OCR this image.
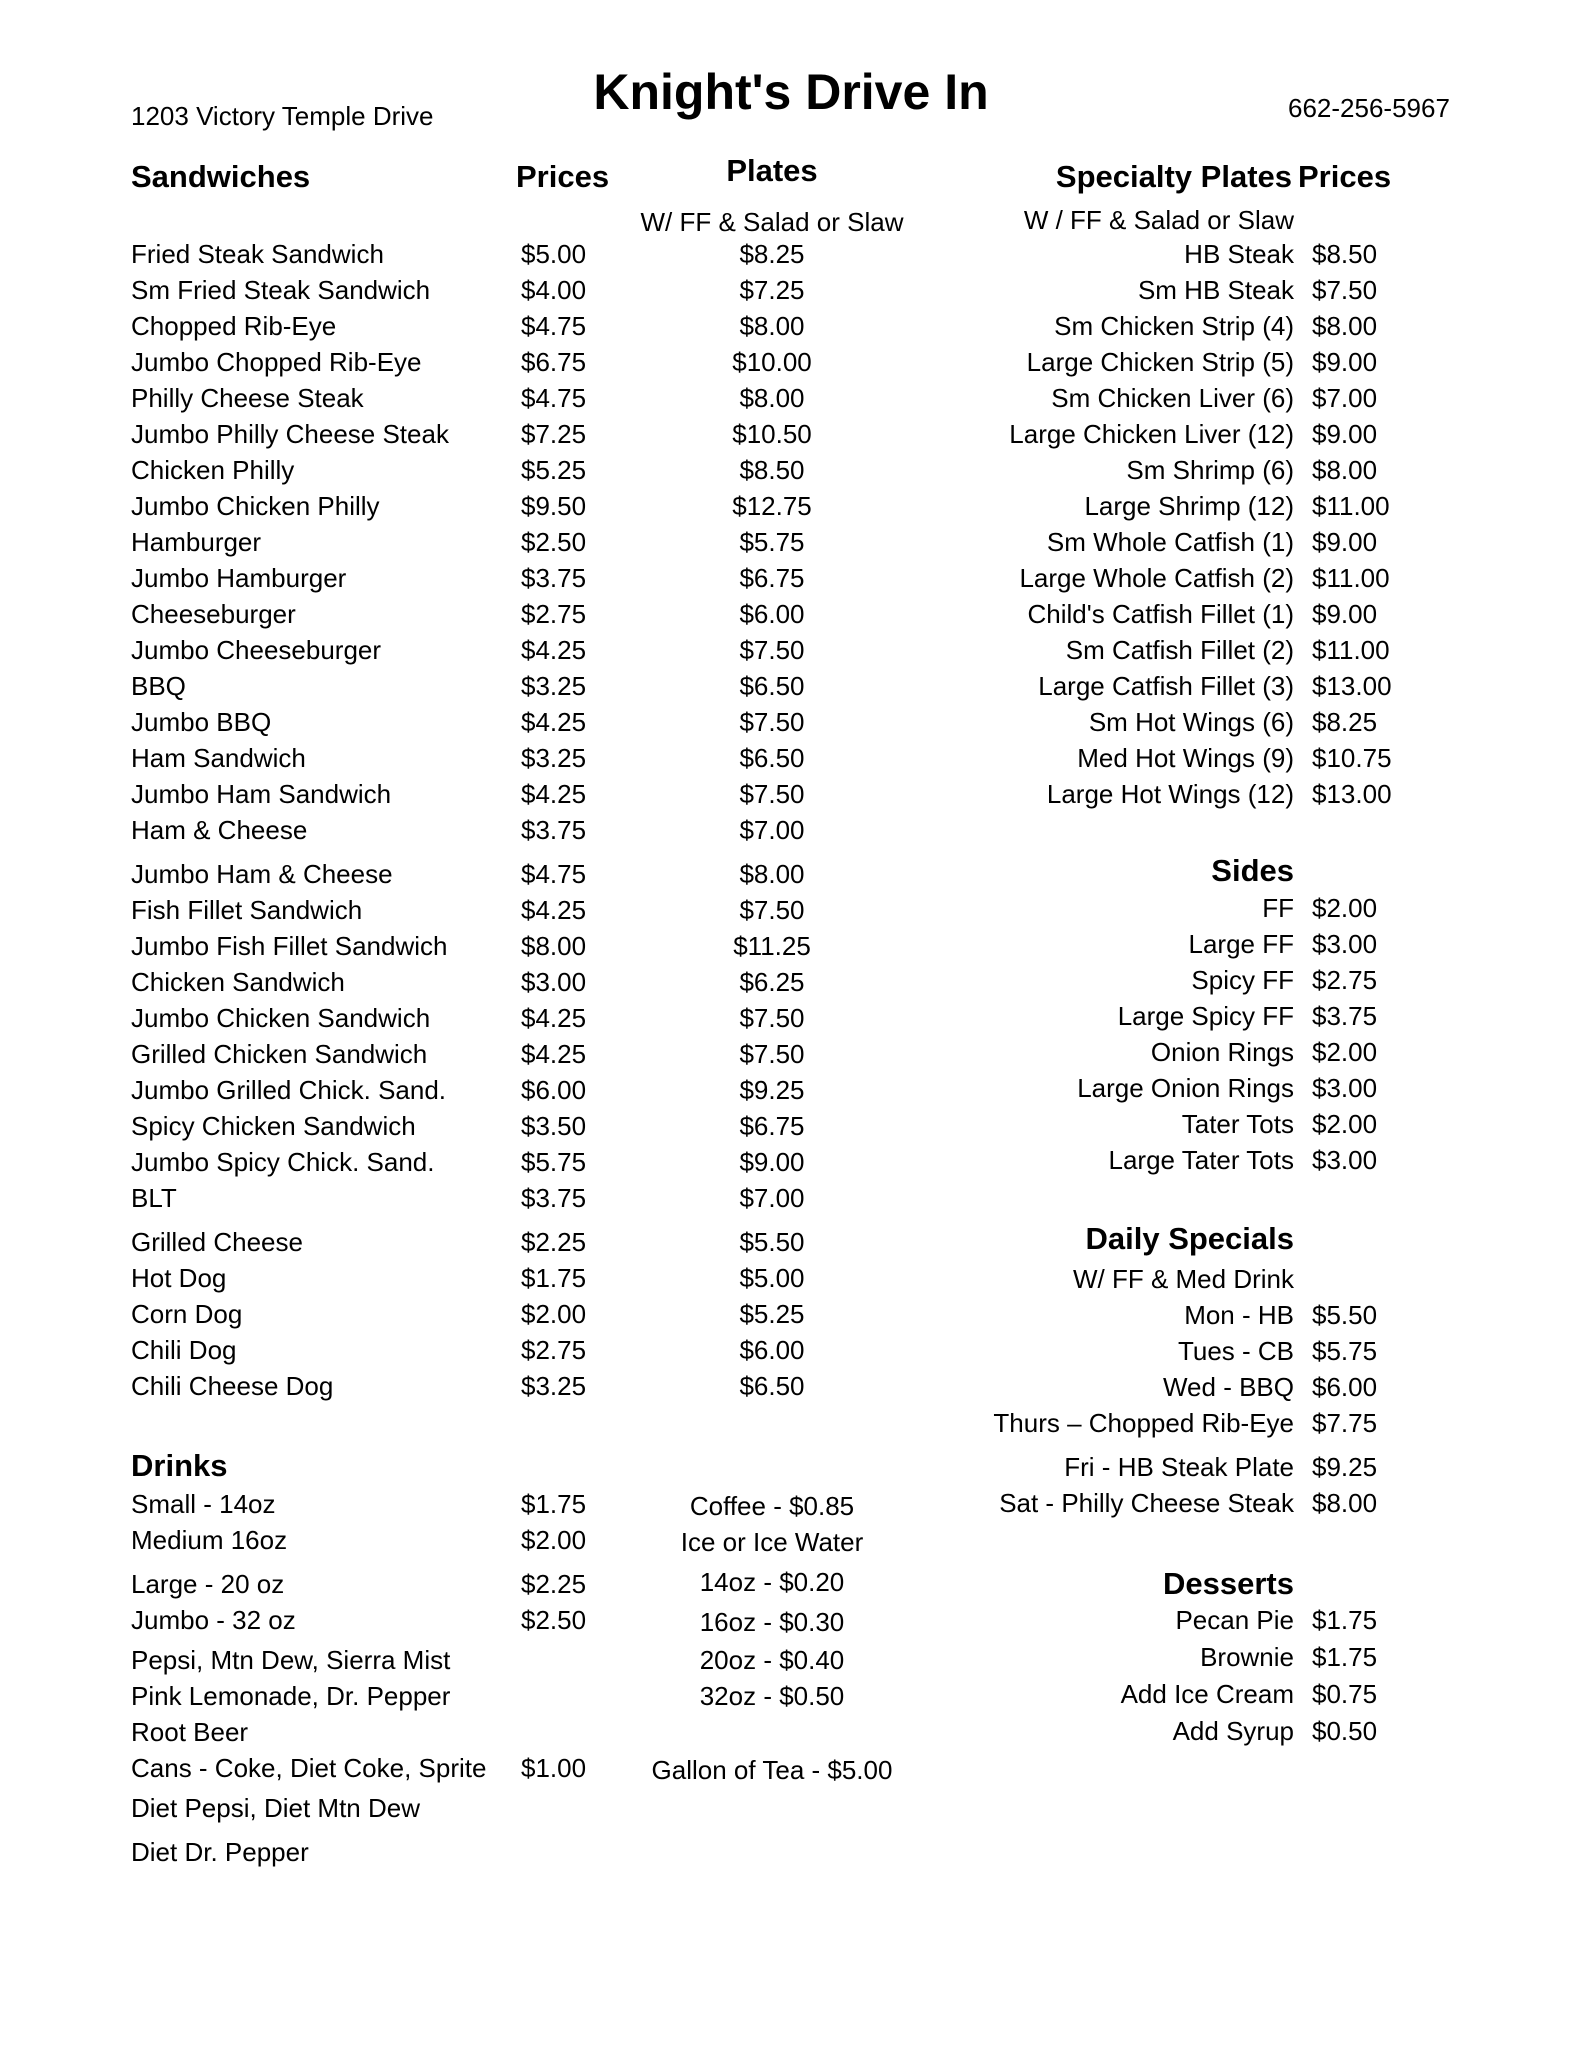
1203 Victory Temple Drive	Knight's Drive In	662-256-5967
Sandwiches	Prices	Plates
W/ FF & Salad or Slaw
Specialty Plates Prices
W / FF & Salad or Slaw
Fried Steak Sandwich	$5.00	$8.25
Sm Fried Steak Sandwich	$4.00	$7.25
Chopped Rib-Eye	$4.75	$8.00
Jumbo Chopped Rib-Eye	$6.75	$10.00
Philly Cheese Steak	$4.75	$8.00
Jumbo Philly Cheese Steak	$7.25	$10.50
Chicken Philly	$5.25	$8.50
Jumbo Chicken Philly	$9.50	$12.75
Hamburger	$2.50	$5.75
Jumbo Hamburger	$3.75	$6.75
Cheeseburger	$2.75	$6.00
Jumbo Cheeseburger	$4.25	$7.50
BBQ	$3.25	$6.50
Jumbo BBQ	$4.25	$7.50
Ham Sandwich	$3.25	$6.50
Jumbo Ham Sandwich	$4.25	$7.50
Ham & Cheese	$3.75	$7.00
Jumbo Ham & Cheese	$4.75	$8.00
Fish Fillet Sandwich	$4.25	$7.50
Jumbo Fish Fillet Sandwich	$8.00	$11.25
Chicken Sandwich	$3.00	$6.25
Jumbo Chicken Sandwich	$4.25	$7.50
Grilled Chicken Sandwich	$4.25	$7.50
Jumbo Grilled Chick. Sand.	$6.00	$9.25
Spicy Chicken Sandwich	$3.50	$6.75
Jumbo Spicy Chick. Sand.	$5.75	$9.00
BLT	$3.75	$7.00
Grilled Cheese	$2.25	$5.50
Hot Dog	$1.75	$5.00
Corn Dog	$2.00	$5.25
Chili Dog	$2.75	$6.00
Chili Cheese Dog	$3.25	$6.50
Drinks
Small - 14oz	$1.75
Medium 16oz	$2.00
Large - 20 oz	$2.25
Jumbo - 32 oz	$2.50
Pepsi, Mtn Dew, Sierra Mist
Pink Lemonade, Dr. Pepper
Root Beer
Cans - Coke, Diet Coke, Sprite $1.00
Diet Pepsi, Diet Mtn Dew
Diet Dr. Pepper
Coffee - $0.85
Ice or Ice Water
14oz - $0.20
16oz - $0.30
20oz - $0.40
32oz - $0.50
Gallon of Tea - $5.00
HB Steak $8.50
Sm HB Steak $7.50
Sm Chicken Strip (4) $8.00
Large Chicken Strip (5) $9.00
Sm Chicken Liver (6) $7.00
Large Chicken Liver (12) $9.00
Sm Shrimp (6) $8.00
Large Shrimp (12) $11.00
Sm Whole Catfish (1) $9.00
Large Whole Catfish (2) $11.00
Child's Catfish Fillet (1) $9.00
Sm Catfish Fillet (2) $11.00
Large Catfish Fillet (3) $13.00
Sm Hot Wings (6) $8.25
Med Hot Wings (9) $10.75
Large Hot Wings (12) $13.00
Sides
FF $2.00
Large FF $3.00
Spicy FF $2.75
Large Spicy FF $3.75
Onion Rings $2.00
Large Onion Rings $3.00
Tater Tots $2.00
Large Tater Tots $3.00
Daily Specials
W/ FF & Med Drink
Mon - HB $5.50
Tues - CB $5.75
Wed - BBQ $6.00
Thurs – Chopped Rib-Eye $7.75
Fri - HB Steak Plate $9.25
Sat - Philly Cheese Steak $8.00
Desserts
Pecan Pie $1.75
Brownie $1.75
Add Ice Cream $0.75
Add Syrup $0.50
